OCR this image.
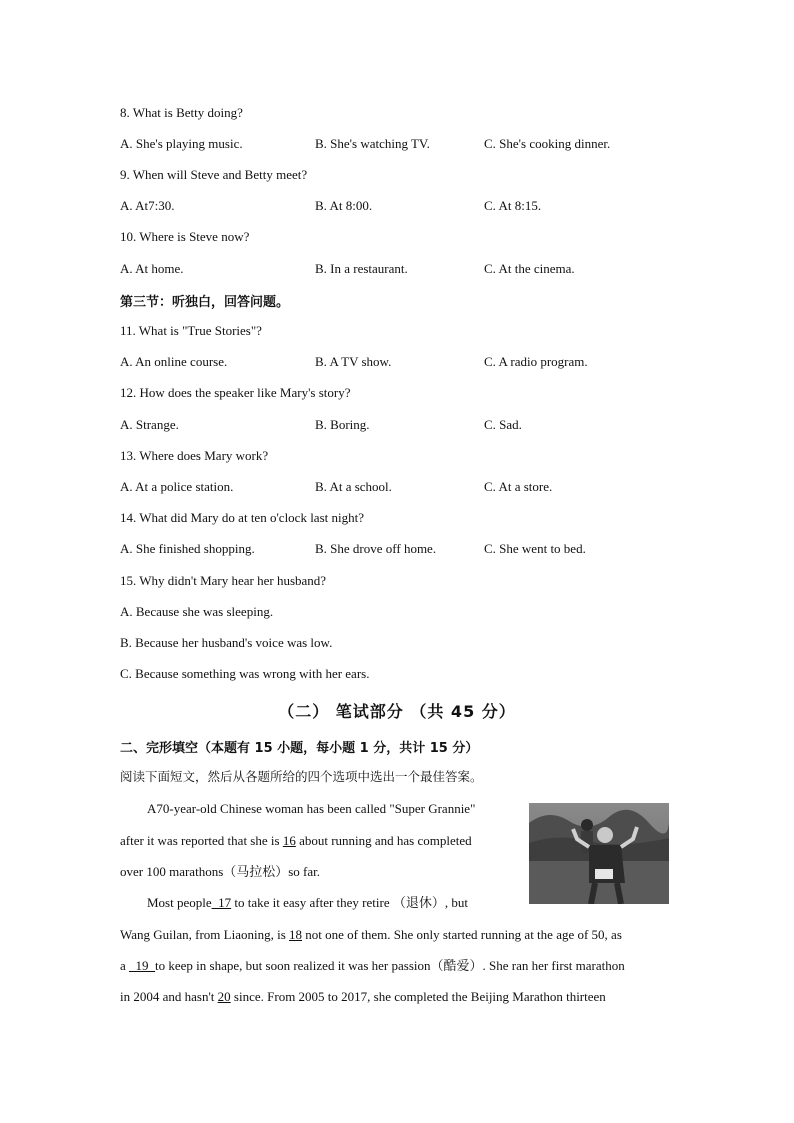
8. What is Betty doing?
A. She's playing music.	B. She's watching TV.	C. She's cooking dinner.
9. When will Steve and Betty meet?
A. At7:30.	B. At 8:00.	C. At 8:15.
10. Where is Steve now?
A. At home.	B. In a restaurant.	C. At the cinema.
第三节：听独白，回答问题。
11. What is "True Stories"?
A. An online course.	B. A TV show.	C. A radio program.
12. How does the speaker like Mary's story?
A. Strange.	B. Boring.	C. Sad.
13. Where does Mary work?
A. At a police station.	B. At a school.	C. At a store.
14. What did Mary do at ten o'clock last night?
A. She finished shopping.	B. She drove off home.	C. She went to bed.
15. Why didn't Mary hear her husband?
A. Because she was sleeping.
B. Because her husband's voice was low.
C. Because something was wrong with her ears.
（二） 笔试部分 （共 45 分）
二、完形填空（本题有 15 小题，每小题 1 分，共计 15 分）
阅读下面短文，然后从各题所给的四个选项中选出一个最佳答案。
A70-year-old Chinese woman has been called "Super Grannie"
after it was reported that she is 16 about running and has completed
over 100 marathons（马拉松）so far.
Most people_17 to take it easy after they retire （退休）, but
Wang Guilan, from Liaoning, is 18 not one of them. She only started running at the age of 50, as
a _19_to keep in shape, but soon realized it was her passion（酷爱）. She ran her first marathon
in 2004 and hasn't 20 since. From 2005 to 2017, she completed the Beijing Marathon thirteen
